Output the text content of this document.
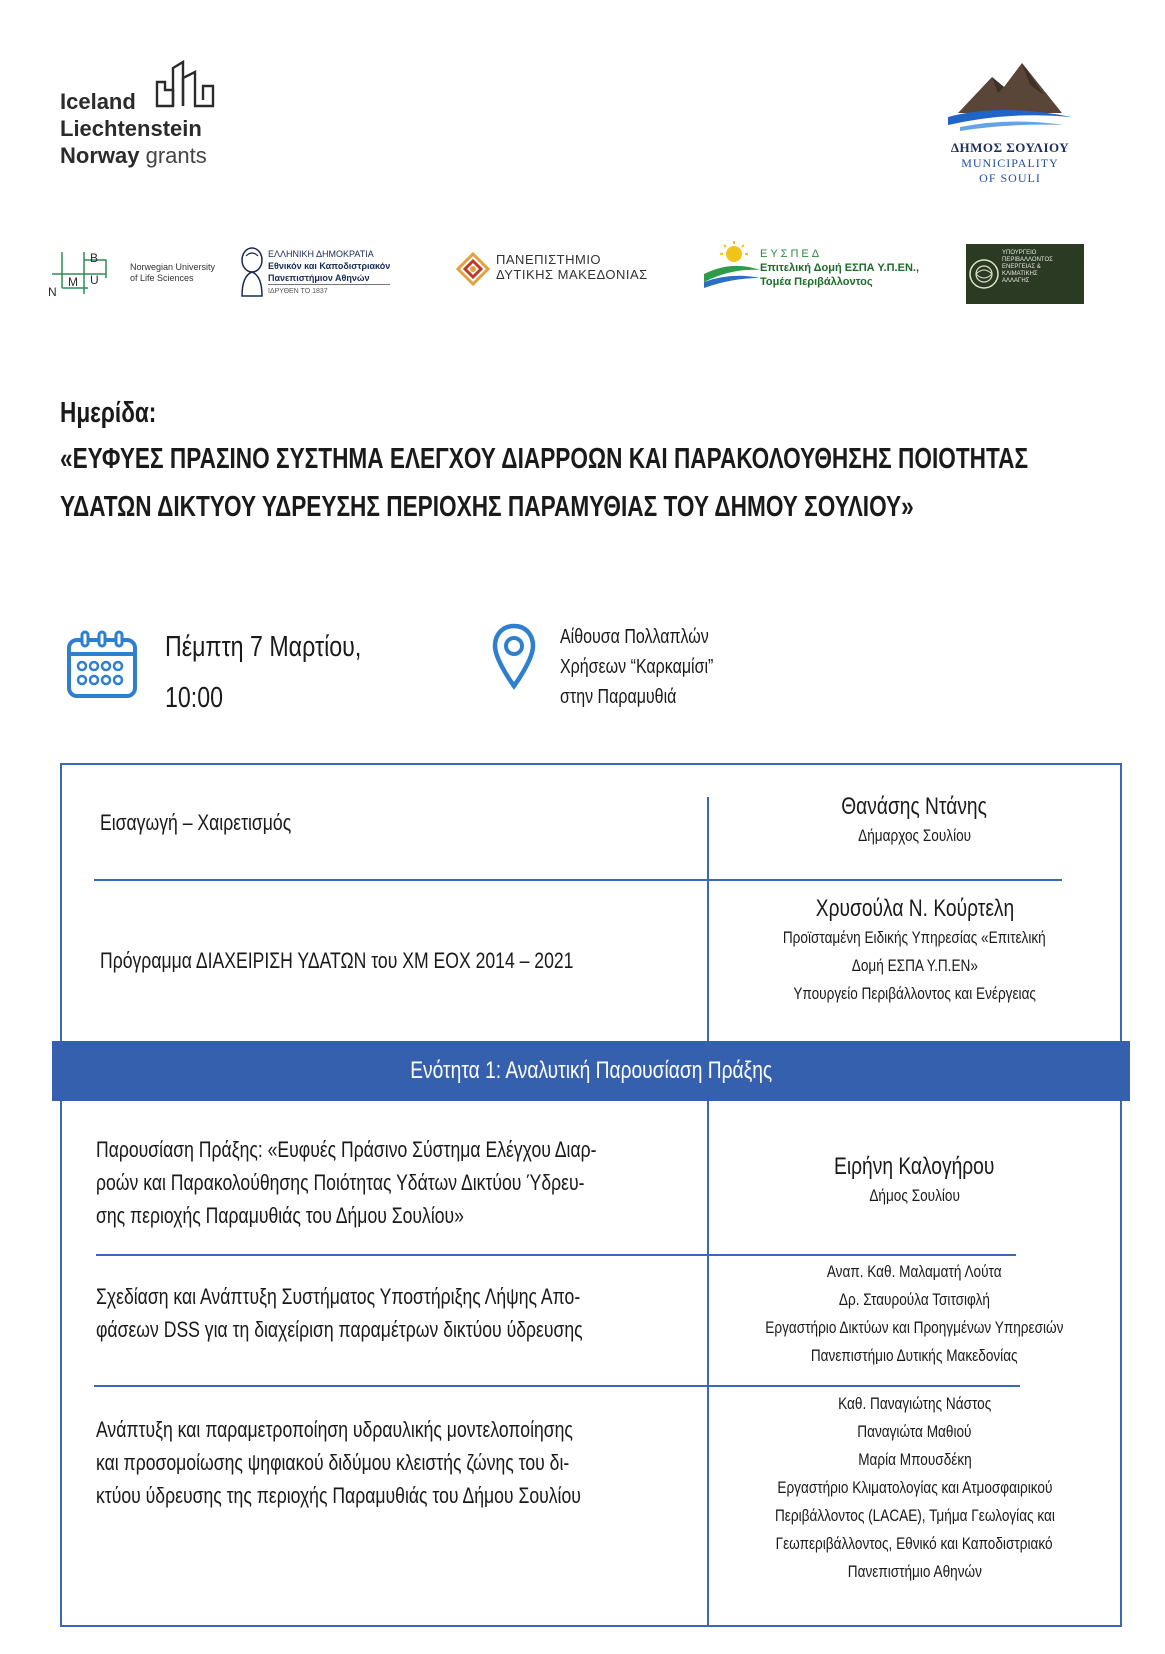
Iceland
Liechtenstein
Norway grants	ΔΗΜΟΣ ΣΟΥΛΙΟΥ
MUNICIPALITY
OF SOULI
N
M
B
U
Norwegian University
of Life Sciences
ΕΛΛΗΝΙΚΗ ΔΗΜΟΚΡΑΤΙΑ
Εθνικόν και Καποδιστριακόν
Πανεπιστήμιον Αθηνών
ΙΔΡΥΘΕΝ ΤΟ 1837
ΠΑΝΕΠΙΣΤΗΜΙΟ
ΔΥΤΙΚΗΣ ΜΑΚΕΔΟΝΙΑΣ
ΕΥΣΠΕΔ
Επιτελική Δομή ΕΣΠΑ Υ.Π.ΕΝ.,
Τομέα Περιβάλλοντος
ΥΠΟΥΡΓΕΙΟ
ΠΕΡΙΒΑΛΛΟΝΤΟΣ
ΕΝΕΡΓΕΙΑΣ &
ΚΛΙΜΑΤΙΚΗΣ
ΑΛΛΑΓΗΣ
Ημερίδα:
«ΕΥΦΥΕΣ ΠΡΑΣΙΝΟ ΣΥΣΤΗΜΑ ΕΛΕΓΧΟΥ ΔΙΑΡΡΟΩΝ ΚΑΙ ΠΑΡΑΚΟΛΟΥΘΗΣΗΣ ΠΟΙΟΤΗΤΑΣ
ΥΔΑΤΩΝ ΔΙΚΤΥΟΥ ΥΔΡΕΥΣΗΣ ΠΕΡΙΟΧΗΣ ΠΑΡΑΜΥΘΙΑΣ ΤΟΥ ΔΗΜΟΥ ΣΟΥΛΙΟΥ»
Πέμπτη 7 Μαρτίου,
10:00
Αίθουσα Πολλαπλών
Χρήσεων “Καρκαμίσι”
στην Παραμυθιά
Εισαγωγή – Χαιρετισμός
Θανάσης Ντάνης
Δήμαρχος Σουλίου
Πρόγραμμα ΔΙΑΧΕΙΡΙΣΗ ΥΔΑΤΩΝ του ΧΜ ΕΟΧ 2014 – 2021
Χρυσούλα Ν. Κούρτελη
Προϊσταμένη Ειδικής Υπηρεσίας «Επιτελική
Δομή ΕΣΠΑ Υ.Π.ΕΝ»
Υπουργείο Περιβάλλοντος και Ενέργειας
Ενότητα 1: Αναλυτική Παρουσίαση Πράξης
Παρουσίαση Πράξης: «Ευφυές Πράσινο Σύστημα Ελέγχου Διαρ-
ροών και Παρακολούθησης Ποιότητας Υδάτων Δικτύου Ύδρευ-
σης περιοχής Παραμυθιάς του Δήμου Σουλίου»
Ειρήνη Καλογήρου
Δήμος Σουλίου
Σχεδίαση και Ανάπτυξη Συστήματος Υποστήριξης Λήψης Απο-
φάσεων DSS για τη διαχείριση παραμέτρων δικτύου ύδρευσης
Αναπ. Καθ. Μαλαματή Λούτα
Δρ. Σταυρούλα Τσιτσιφλή
Εργαστήριο Δικτύων και Προηγμένων Υπηρεσιών
Πανεπιστήμιο Δυτικής Μακεδονίας
Ανάπτυξη και παραμετροποίηση υδραυλικής μοντελοποίησης
και προσομοίωσης ψηφιακού διδύμου κλειστής ζώνης του δι-
κτύου ύδρευσης της περιοχής Παραμυθιάς του Δήμου Σουλίου
Καθ. Παναγιώτης Νάστος
Παναγιώτα Μαθιού
Μαρία Μπουσδέκη
Εργαστήριο Κλιματολογίας και Ατμοσφαιρικού
Περιβάλλοντος (LACAE), Τμήμα Γεωλογίας και
Γεωπεριβάλλοντος, Εθνικό και Καποδιστριακό
Πανεπιστήμιο Αθηνών
